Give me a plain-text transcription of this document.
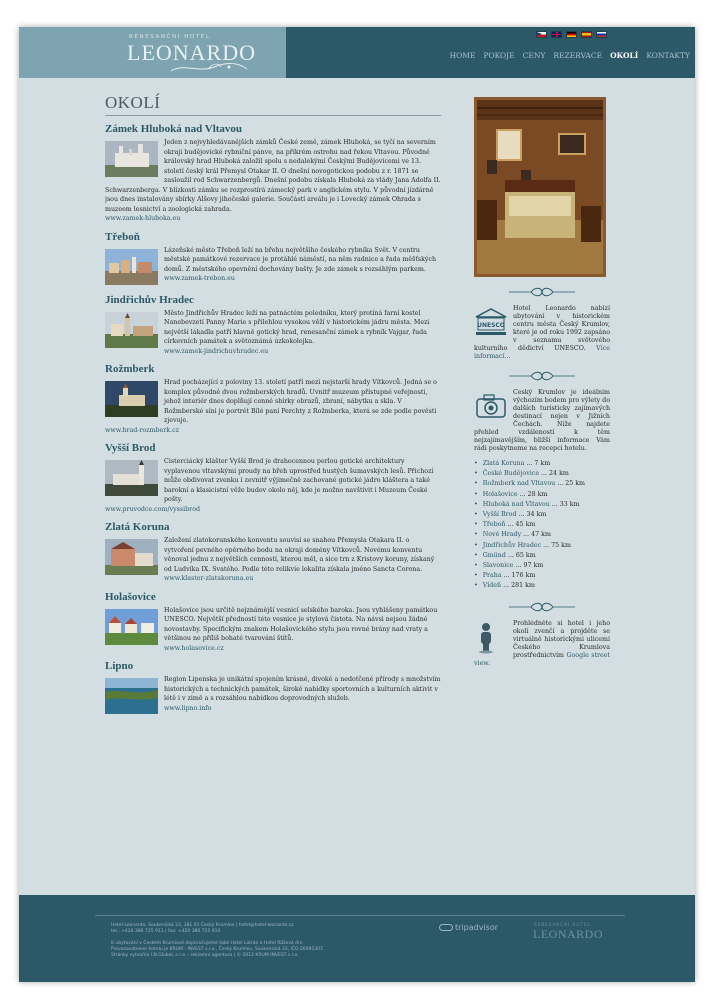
RENESANČNÍ HOTEL
LEONARDO	HOME POKOJE CENY REZERVACE OKOLÍ KONTAKTY
OKOLÍ
Zámek Hluboká nad Vltavou

Jeden z nejvyhledávanějších zámků České země, zámek Hluboká, se tyčí na severním okraji budějovické rybniční pánve, na příkrém ostrohu nad řekou Vltavou. Původně královský hrad Hluboká založil spolu s nedalekými Českými Budějovicemi ve 13. století český král Přemysl Otakar II. O dnešní novogotickou podobu z r. 1871 se zasloužil rod Schwarzenbergů. Dnešní podobu získala Hluboká za vlády Jana Adolfa II. Schwarzenberga. V blízkosti zámku se rozprostírá zámecký park v anglickém stylu. V původní jízdárně jsou dnes instalovány sbírky Alšovy jihočeské galerie. Součástí areálu je i Lovecký zámek Ohrada s muzeem lesnictví a zoologická zahrada.

www.zamek-hluboka.eu
Třeboň

Lázeňské město Třeboň leží na břehu největšího českého rybníka Svět. V centru městské památkové rezervace je protáhlé náměstí, na něm radnice a řada měšťských domů. Z městského opevnění dochovány bašty. Je zde zámek s rozsáhlým parkem.

www.zamek-trebon.eu
Jindřichův Hradec

Město Jindřichův Hradec leží na patnáctém poledníku, který protíná farní kostel Nanebevzetí Panny Marie s přilehlou vysokou věží v historickém jádru města. Mezi největší lákadla patří hlavně gotický hrad, renesanční zámek a rybník Vajgar, řada církevních památek a světoznámá úzkokolejka.

www.zamek-jindrichuvhradec.eu
Rožmberk

Hrad pocházející z poloviny 13. století patří mezi nejstarší hrady Vítkovců. Jedná se o komplex původně dvou rožmberských hradů. Uvnitř muzeum přístupné veřejnosti, jehož interiér dnes doplňují cenné sbírky obrazů, zbraní, nábytku a skla. V Rožmberské síni je portrét Bílé paní Perchty z Rožmberka, která se zde podle pověsti zjevuje.

www.hrad-rozmberk.cz
Vyšší Brod

Cisterciácký klášter Vyšší Brod je drahocennou perlou gotické architektury vyplavenou vltavskými proudy na břeh uprostřed hustých šumavských lesů. Přichozí může obdivovat zvenku i zevnitř výjimečně zachované gotické jádro kláštera a také barokní a klasicistní věže budov okolo něj, kde je možno navštívit i Muzeum České pošty.

www.pruvodce.com/vyssibrod
Zlatá Koruna

Založení zlatokorunského konventu souvisí se snahou Přemysla Otakara II. o vytvoření pevného opěrného bodu na okraji domény Vítkovců. Novému konventu věnoval jednu z největších cenností, kterou měl, a sice trn z Kristovy koruny, získaný od Ludvíka IX. Svatého. Podle této relikvie lokalita získala jméno Sancta Corona.

www.klaster-zlatakoruna.eu
Holašovice

Holašovice jsou určitě nejznámější vesnicí selského baroka. Jsou vyhlášeny památkou UNESCO. Největší předností této vesnice je stylová čistota. Na návsi nejsou žádné novostavby. Specifickým znakem Holašovického stylu jsou rovné brány nad vraty a většinou ne příliš bohaté tvarování štítů.

www.holasovice.cz
Lipno

Region Lipenska je unikátní spojením krásné, divoké a nedotčené přírody s množstvím historických a technických památek, široké nabídky sportovních a kulturních aktivit v létě i v zimě a s rozsáhlou nabídkou doprovodných služeb.

www.lipno.info
UNESCO

Hotel Leonardo nabízí ubytování v historickém centru města Český Krumlov, které je od roku 1992 zapsáno v seznamu světového kulturního dědictví UNESCO. Více informací...

Český Krumlov je ideálním výchozím bodem pro výlety do dalších turisticky zajímavých destinací nejen v Jižních Čechách. Níže najdete přehled vzdáleností k těm nejzajímavějším, bližší informace Vám rádi poskytneme na recepci hotelu.

• Zlatá Koruna ... 7 km
• České Budějovice ... 24 km
• Rožmberk nad Vltavou ... 25 km
• Holašovice ... 28 km
• Hluboká nad Vltavou ... 33 km
• Vyšší Brod ... 34 km
• Třeboň ... 45 km
• Nové Hrady ... 47 km
• Jindřichův Hradec ... 75 km
• Gmünd ... 65 km
• Slavonice ... 97 km
• Praha ... 176 km
• Vídeň ... 281 km

Prohlédněte si hotel i jeho okolí zvenčí a projděte se virtuálně historickými ulicemi Českého Krumlova prostřednictvím Google street view.

Hotel Leonardo, Soukenická 33, 381 01 Český Krumlov | hotel@hotel-leonardo.cz
tel.: +420 380 725 911 | fax: +420 380 725 910
K ubytování v Českém Krumlově doporučujeme také Hotel Latrán a Hotel Růžová drn
Provozovatelem hotelu je KRUM - INVEST s.r.o., Český Krumlov, Soukenická 33, IČO 26095307.
Stránky vytvořila I.N.Global, s.r.o. - reklamní agentura | © 2012 KRUM-INVEST s.r.o.
tripadvisor	RENESANČNÍ HOTEL
LEONARDO
